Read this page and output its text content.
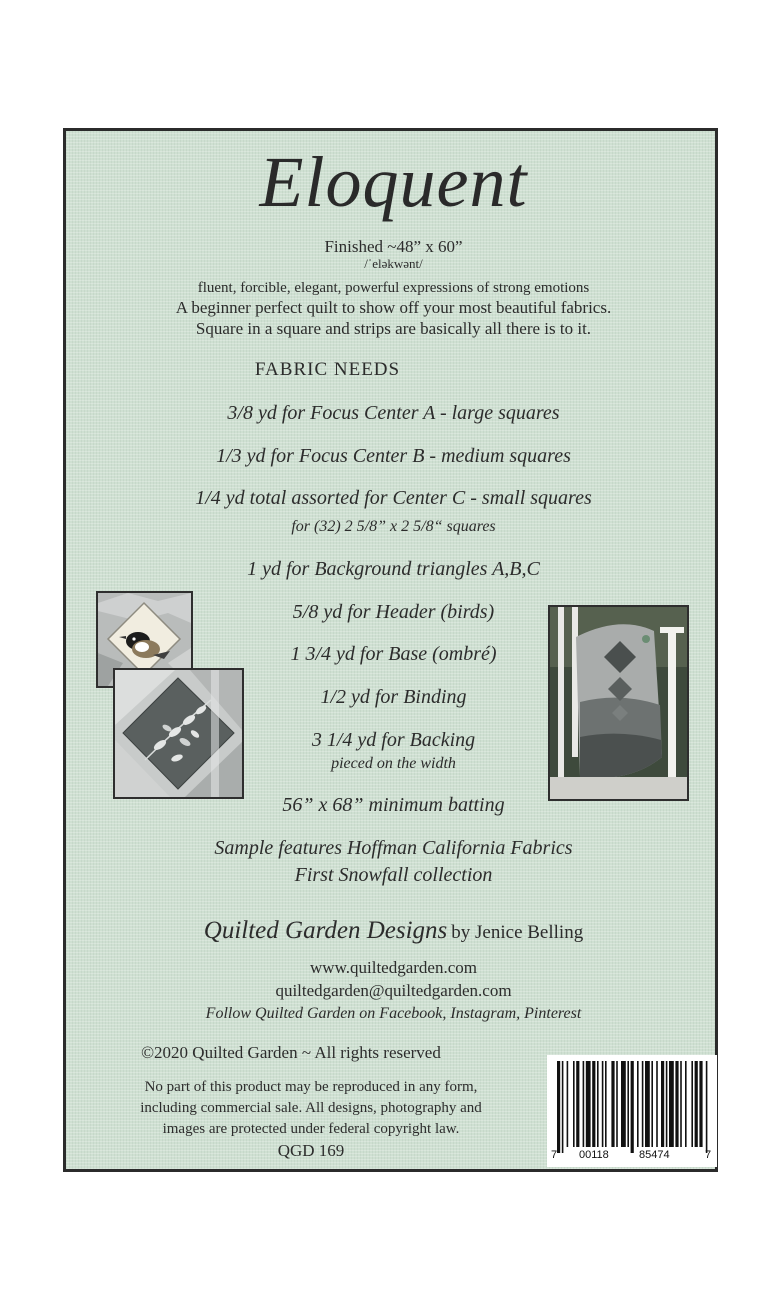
Eloquent
Finished ~48” x 60”
/ˈeləkwənt/
fluent, forcible, elegant, powerful expressions of strong emotions
A beginner perfect quilt to show off your most beautiful fabrics.
Square in a square and strips are basically all there is to it.
FABRIC NEEDS
3/8 yd for Focus Center A - large squares
1/3 yd for Focus Center B - medium squares
1/4 yd total assorted for Center C - small squares
for (32) 2 5/8” x 2 5/8“ squares
1 yd for Background triangles A,B,C
5/8 yd for Header (birds)
1 3/4 yd for Base (ombré)
1/2 yd for Binding
3 1/4 yd for Backing
pieced on the width
56” x 68” minimum batting
Sample features Hoffman California Fabrics
First Snowfall collection
Quilted Garden Designs by Jenice Belling
www.quiltedgarden.com
quiltedgarden@quiltedgarden.com
Follow Quilted Garden on Facebook, Instagram, Pinterest
©2020 Quilted Garden ~ All rights reserved
No part of this product may be reproduced in any form,
including commercial sale. All designs, photography and
images are protected under federal copyright law.
QGD 169	7 00118	85474	7
